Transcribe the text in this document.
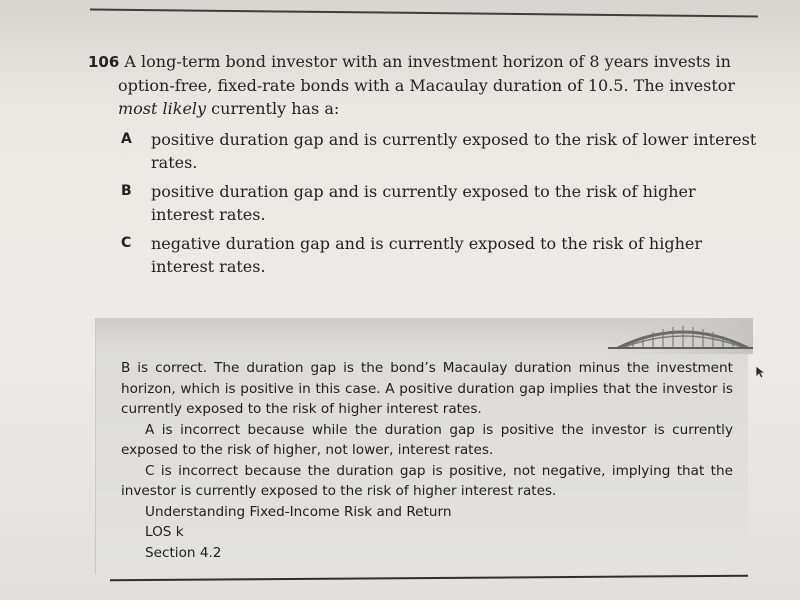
106 A long-term bond investor with an investment horizon of 8 years invests in option-free, fixed-rate bonds with a Macaulay duration of 10.5. The investor most likely currently has a:
A positive duration gap and is currently exposed to the risk of lower interest rates.
B positive duration gap and is currently exposed to the risk of higher interest rates.
C negative duration gap and is currently exposed to the risk of higher interest rates.

B is correct. The duration gap is the bond’s Macaulay duration minus the investment horizon, which is positive in this case. A positive duration gap implies that the investor is currently exposed to the risk of higher interest rates.

A is incorrect because while the duration gap is positive the investor is currently exposed to the risk of higher, not lower, interest rates.

C is incorrect because the duration gap is positive, not negative, implying that the investor is currently exposed to the risk of higher interest rates.

Understanding Fixed-Income Risk and Return

LOS k

Section 4.2
